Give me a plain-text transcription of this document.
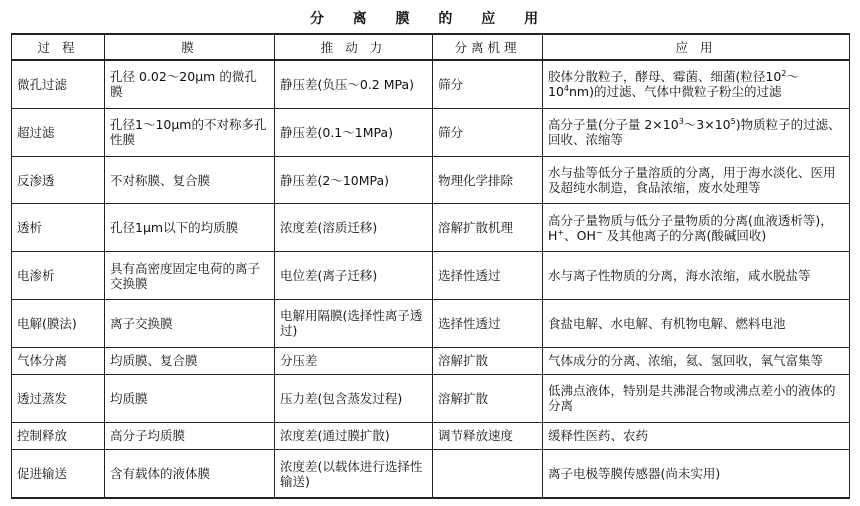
分 离 膜 的 应 用
过 程	膜	推 动 力	分离机理	应 用
微孔过滤	孔径 0.02～20μm 的微孔膜	静压差(负压～0.2 MPa)	筛分	胶体分散粒子，酵母、霉菌、细菌(粒径$10^2\sim 10^4nm$)的过滤、气体中微粒子粉尘的过滤
超过滤	孔径1～10μm的不对称多孔性膜	静压差(0.1～1MPa)	筛分	高分子量(分子量 $2\times 10^3\sim 3\times 10^5$)物质粒子的过滤、回收、浓缩等
反渗透	不对称膜、复合膜	静压差(2～10MPa)	物理化学排除	水与盐等低分子量溶质的分离，用于海水淡化、医用及超纯水制造，食品浓缩，废水处理等
透析	孔径1μm以下的均质膜	浓度差(溶质迁移)	溶解扩散机理	高分子量物质与低分子量物质的分离(血液透析等)，H+、OH− 及其他离子的分离(酸碱回收)
电渗析	具有高密度固定电荷的离子交换膜	电位差(离子迁移)	选择性透过	水与离子性物质的分离，海水浓缩，咸水脱盐等
电解(膜法)	离子交换膜	电解用隔膜(选择性离子透过)	选择性透过	食盐电解、水电解、有机物电解、燃料电池
气体分离	均质膜、复合膜	分压差	溶解扩散	气体成分的分离、浓缩，氦、氢回收，氧气富集等
透过蒸发	均质膜	压力差(包含蒸发过程)	溶解扩散	低沸点液体，特别是共沸混合物或沸点差小的液体的分离
控制释放	高分子均质膜	浓度差(通过膜扩散)	调节释放速度	缓释性医药、农药
促进输送	含有载体的液体膜	浓度差(以载体进行选择性输送)		离子电极等膜传感器(尚未实用)
